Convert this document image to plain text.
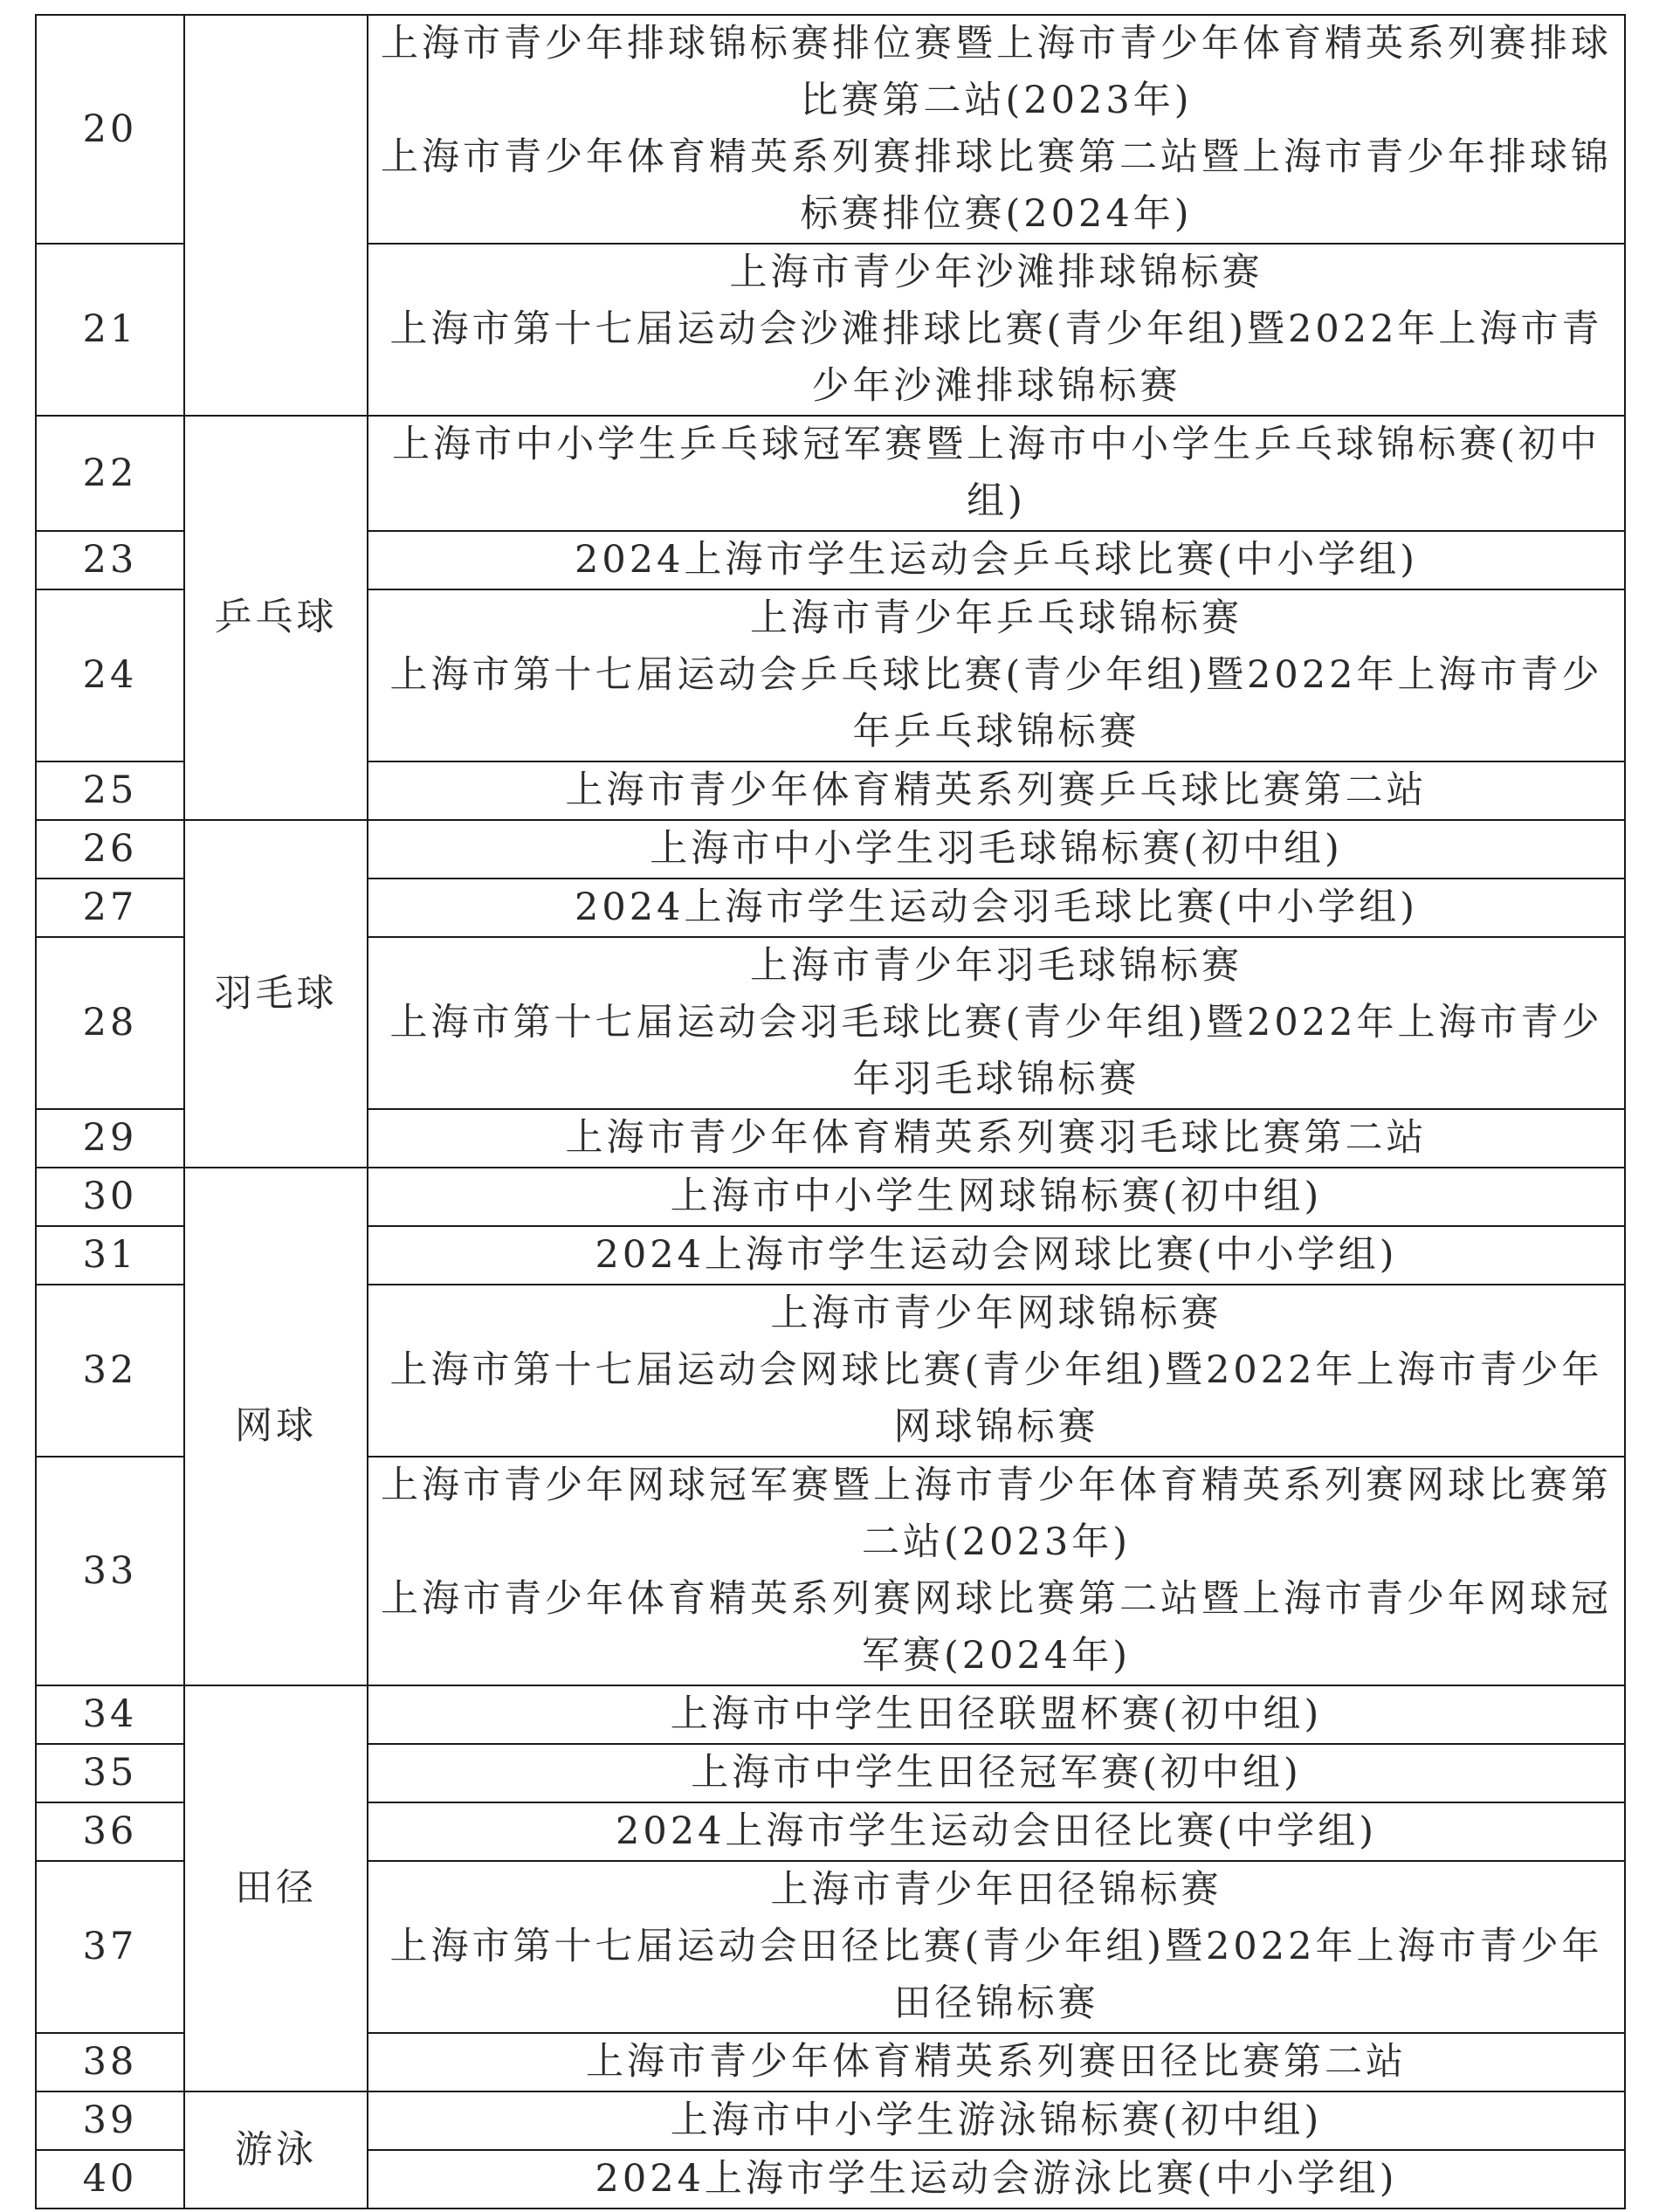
20		上海市青少年排球锦标赛排位赛暨上海市青少年体育精英系列赛排球比赛第二站(2023年)
上海市青少年体育精英系列赛排球比赛第二站暨上海市青少年排球锦标赛排位赛(2024年)

21		上海市青少年沙滩排球锦标赛
上海市第十七届运动会沙滩排球比赛(青少年组)暨2022年上海市青少年沙滩排球锦标赛

22	乒乓球	上海市中小学生乒乓球冠军赛暨上海市中小学生乒乓球锦标赛(初中组)

23		2024上海市学生运动会乒乓球比赛(中小学组)

24		上海市青少年乒乓球锦标赛
上海市第十七届运动会乒乓球比赛(青少年组)暨2022年上海市青少年乒乓球锦标赛

25		上海市青少年体育精英系列赛乒乓球比赛第二站

26	羽毛球	上海市中小学生羽毛球锦标赛(初中组)

27		2024上海市学生运动会羽毛球比赛(中小学组)

28		上海市青少年羽毛球锦标赛
上海市第十七届运动会羽毛球比赛(青少年组)暨2022年上海市青少年羽毛球锦标赛

29		上海市青少年体育精英系列赛羽毛球比赛第二站

30	网球	上海市中小学生网球锦标赛(初中组)

31		2024上海市学生运动会网球比赛(中小学组)

32		上海市青少年网球锦标赛
上海市第十七届运动会网球比赛(青少年组)暨2022年上海市青少年网球锦标赛

33		上海市青少年网球冠军赛暨上海市青少年体育精英系列赛网球比赛第二站(2023年)
上海市青少年体育精英系列赛网球比赛第二站暨上海市青少年网球冠军赛(2024年)

34	田径	上海市中学生田径联盟杯赛(初中组)

35		上海市中学生田径冠军赛(初中组)

36		2024上海市学生运动会田径比赛(中学组)

37		上海市青少年田径锦标赛
上海市第十七届运动会田径比赛(青少年组)暨2022年上海市青少年田径锦标赛

38		上海市青少年体育精英系列赛田径比赛第二站

39	游泳	上海市中小学生游泳锦标赛(初中组)

40		2024上海市学生运动会游泳比赛(中小学组)
